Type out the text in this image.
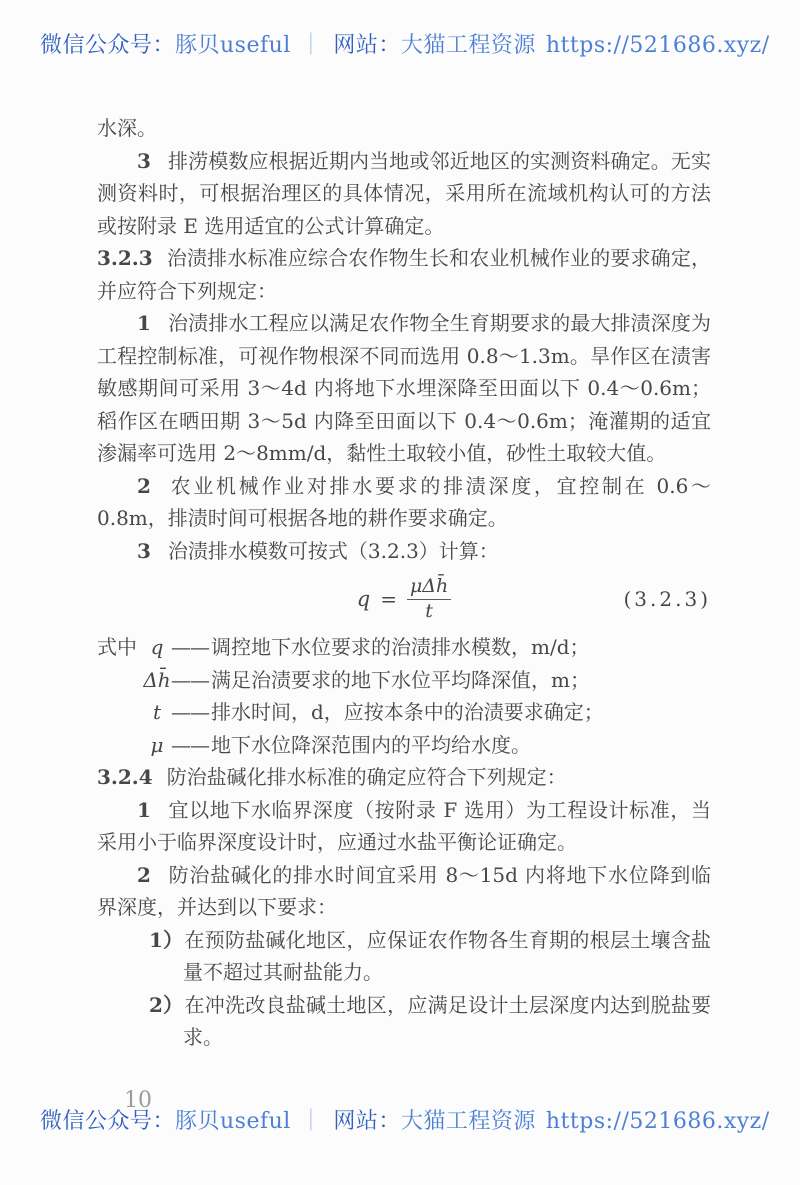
微信公众号：豚贝useful ｜ 网站：大猫工程资源 https://521686.xyz/
10

水深。

3 排涝模数应根据近期内当地或邻近地区的实测资料确定。无实测资料时，可根据治理区的具体情况，采用所在流域机构认可的方法或按附录 E 选用适宜的公式计算确定。

3.2.3 治渍排水标准应综合农作物生长和农业机械作业的要求确定，并应符合下列规定：

1 治渍排水工程应以满足农作物全生育期要求的最大排渍深度为工程控制标准，可视作物根深不同而选用 0.8～1.3m。旱作区在渍害敏感期间可采用 3～4d 内将地下水埋深降至田面以下 0.4～0.6m；稻作区在晒田期 3～5d 内降至田面以下 0.4～0.6m；淹灌期的适宜渗漏率可选用 2～8mm/d，黏性土取较小值，砂性土取较大值。

2 农业机械作业对排水要求的排渍深度，宜控制在 0.6～0.8m，排渍时间可根据各地的耕作要求确定。

3 治渍排水模数可按式（3.2.3）计算：

$q = \frac{\text{μΔh̄}}{t}$	(3.2.3)
式中 q —— 调控地下水位要求的治渍排水模数，m/d；
Δh̄ —— 满足治渍要求的地下水位平均降深值，m；
t —— 排水时间，d，应按本条中的治渍要求确定；
μ —— 地下水位降深范围内的平均给水度。

3.2.4 防治盐碱化排水标准的确定应符合下列规定：

1 宜以地下水临界深度（按附录 F 选用）为工程设计标准，当采用小于临界深度设计时，应通过水盐平衡论证确定。

2 防治盐碱化的排水时间宜采用 8～15d 内将地下水位降到临界深度，并达到以下要求：

1）在预防盐碱化地区，应保证农作物各生育期的根层土壤含盐量不超过其耐盐能力。

2）在冲洗改良盐碱土地区，应满足设计土层深度内达到脱盐要求。

微信公众号：豚贝useful ｜ 网站：大猫工程资源 https://521686.xyz/
